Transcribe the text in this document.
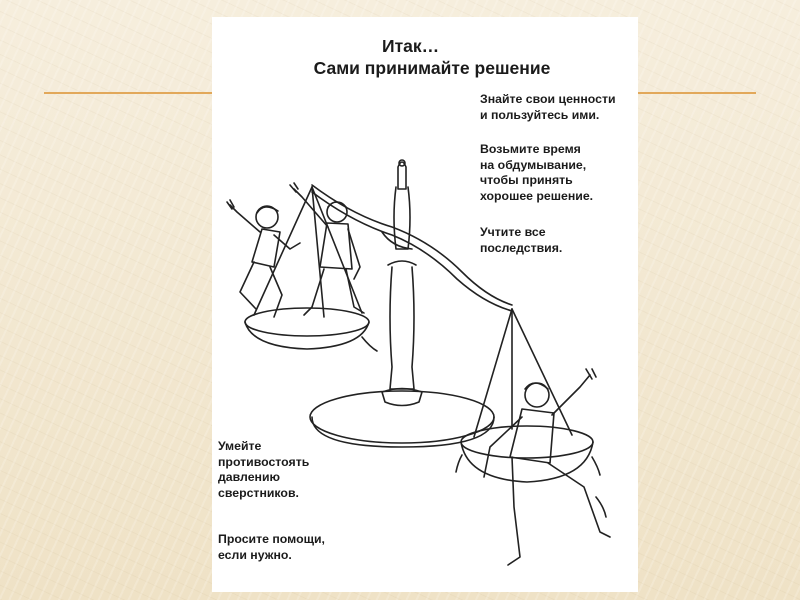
Итак…
Сами принимайте решение
Знайте свои ценности
и пользуйтесь ими.
Возьмите время
на обдумывание,
чтобы принять
хорошее решение.
Учтите все
последствия.
Умейте
противостоять
давлению
сверстников.
Просите помощи,
если нужно.
